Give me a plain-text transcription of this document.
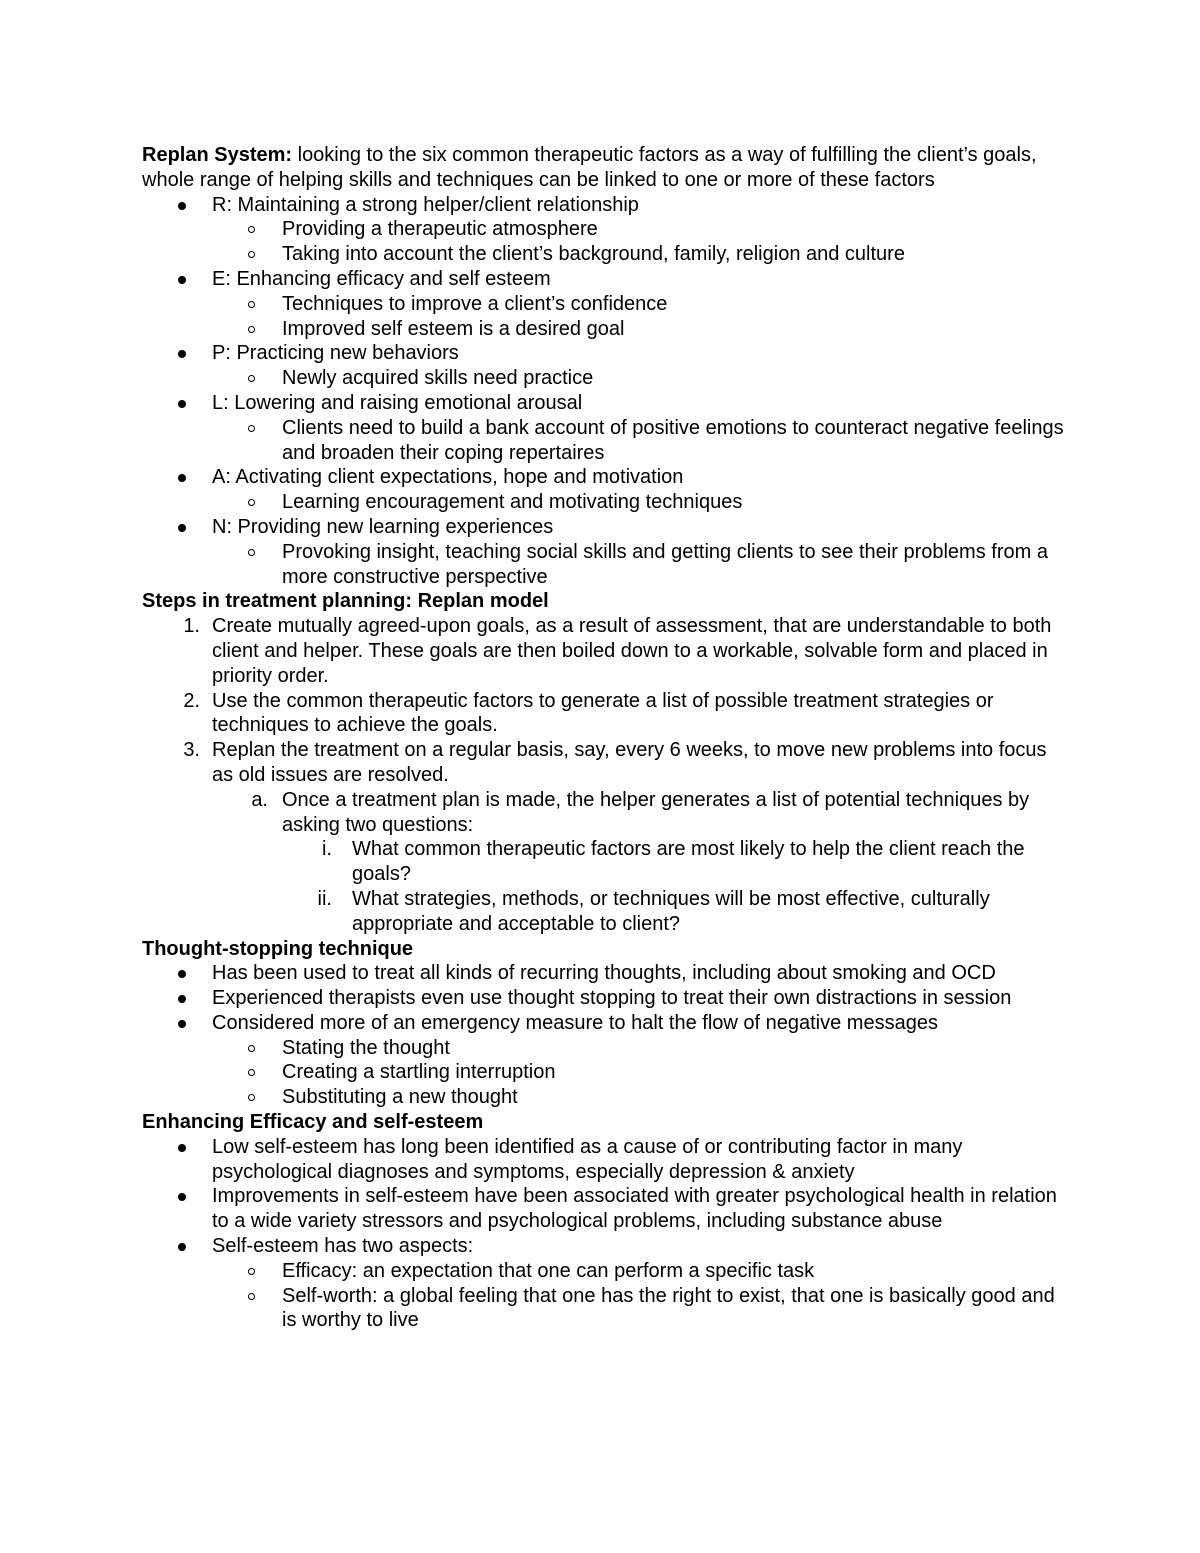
Replan System: looking to the six common therapeutic factors as a way of fulfilling the client’s goals, whole range of helping skills and techniques can be linked to one or more of these factors

R: Maintaining a strong helper/client relationship
Providing a therapeutic atmosphere
Taking into account the client’s background, family, religion and culture
E: Enhancing efficacy and self esteem
Techniques to improve a client’s confidence
Improved self esteem is a desired goal
P: Practicing new behaviors
Newly acquired skills need practice
L: Lowering and raising emotional arousal
Clients need to build a bank account of positive emotions to counteract negative feelings and broaden their coping repertaires
A: Activating client expectations, hope and motivation
Learning encouragement and motivating techniques
N: Providing new learning experiences
Provoking insight, teaching social skills and getting clients to see their problems from a more constructive perspective

Steps in treatment planning: Replan model

1. Create mutually agreed-upon goals, as a result of assessment, that are understandable to both client and helper. These goals are then boiled down to a workable, solvable form and placed in priority order.
2. Use the common therapeutic factors to generate a list of possible treatment strategies or techniques to achieve the goals.
3. Replan the treatment on a regular basis, say, every 6 weeks, to move new problems into focus as old issues are resolved.
a. Once a treatment plan is made, the helper generates a list of potential techniques by asking two questions:
i. What common therapeutic factors are most likely to help the client reach the goals?
ii. What strategies, methods, or techniques will be most effective, culturally appropriate and acceptable to client?

Thought-stopping technique

Has been used to treat all kinds of recurring thoughts, including about smoking and OCD
Experienced therapists even use thought stopping to treat their own distractions in session
Considered more of an emergency measure to halt the flow of negative messages
Stating the thought
Creating a startling interruption
Substituting a new thought

Enhancing Efficacy and self-esteem

Low self-esteem has long been identified as a cause of or contributing factor in many psychological diagnoses and symptoms, especially depression & anxiety
Improvements in self-esteem have been associated with greater psychological health in relation to a wide variety stressors and psychological problems, including substance abuse
Self-esteem has two aspects:
Efficacy: an expectation that one can perform a specific task
Self-worth: a global feeling that one has the right to exist, that one is basically good and is worthy to live
